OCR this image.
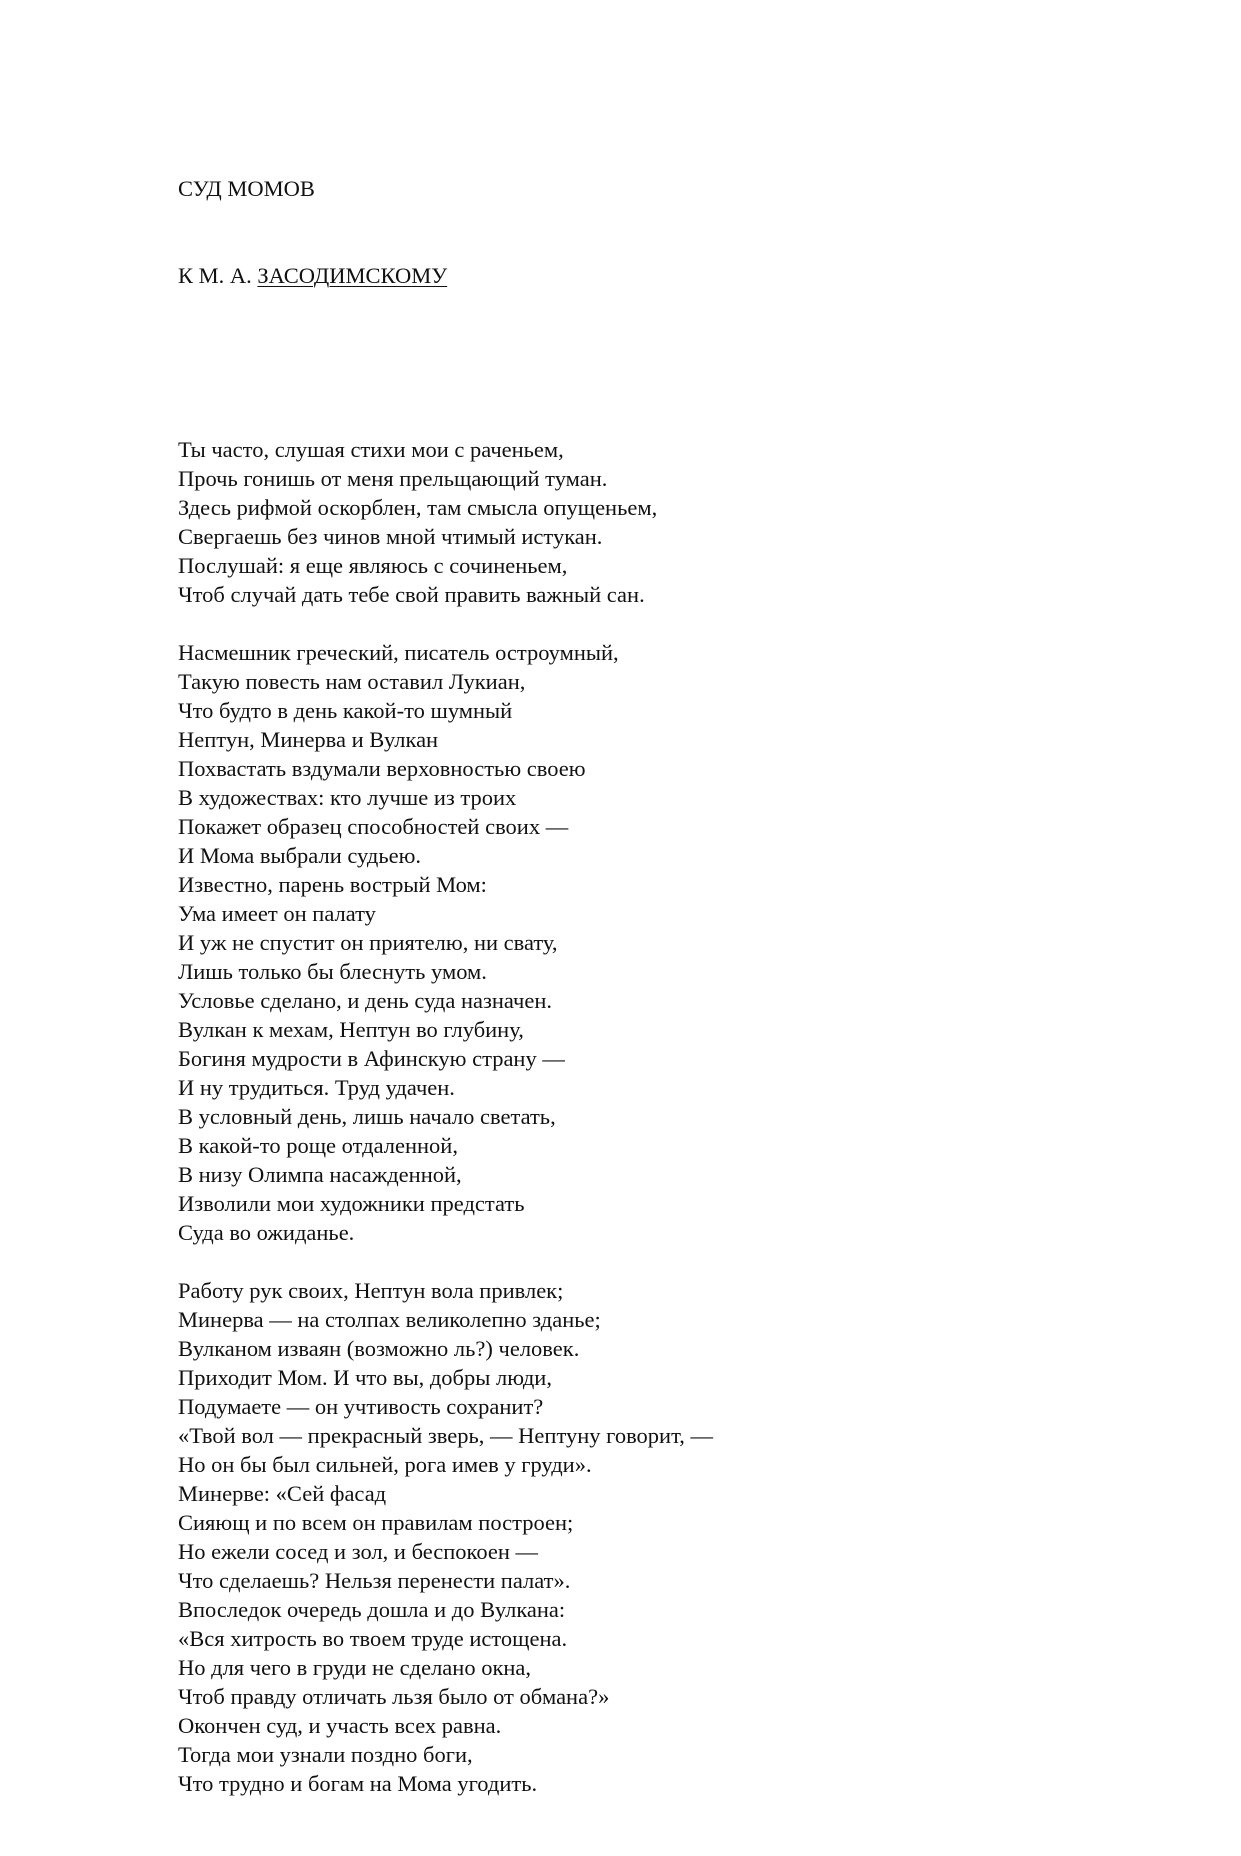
СУД МОМОВ

К М. А. ЗАСОДИМСКОМУ

Ты часто, слушая стихи мои с раченьем,
Прочь гонишь от меня прельщающий туман.
Здесь рифмой оскорблен, там смысла опущеньем,
Свергаешь без чинов мной чтимый истукан.
Послушай: я еще являюсь с сочиненьем,
Чтоб случай дать тебе свой править важный сан.
Насмешник греческий, писатель остроумный,
Такую повесть нам оставил Лукиан,
Что будто в день какой-то шумный
Нептун, Минерва и Вулкан
Похвастать вздумали верховностью своею
В художествах: кто лучше из троих
Покажет образец способностей своих —
И Мома выбрали судьею.
Известно, парень вострый Мом:
Ума имеет он палату
И уж не спустит он приятелю, ни свату,
Лишь только бы блеснуть умом.
Условье сделано, и день суда назначен.
Вулкан к мехам, Нептун во глубину,
Богиня мудрости в Афинскую страну —
И ну трудиться. Труд удачен.
В условный день, лишь начало светать,
В какой-то роще отдаленной,
В низу Олимпа насажденной,
Изволили мои художники предстать
Суда во ожиданье.
Работу рук своих, Нептун вола привлек;
Минерва — на столпах великолепно зданье;
Вулканом изваян (возможно ль?) человек.
Приходит Мом. И что вы, добры люди,
Подумаете — он учтивость сохранит?
«Твой вол — прекрасный зверь, — Нептуну говорит, —
Но он бы был сильней, рога имев у груди».
Минерве: «Сей фасад
Сияющ и по всем он правилам построен;
Но ежели сосед и зол, и беспокоен —
Что сделаешь? Нельзя перенести палат».
Впоследок очередь дошла и до Вулкана:
«Вся хитрость во твоем труде истощена.
Но для чего в груди не сделано окна,
Чтоб правду отличать льзя было от обмана?»
Окончен суд, и участь всех равна.
Тогда мои узнали поздно боги,
Что трудно и богам на Мома угодить.
